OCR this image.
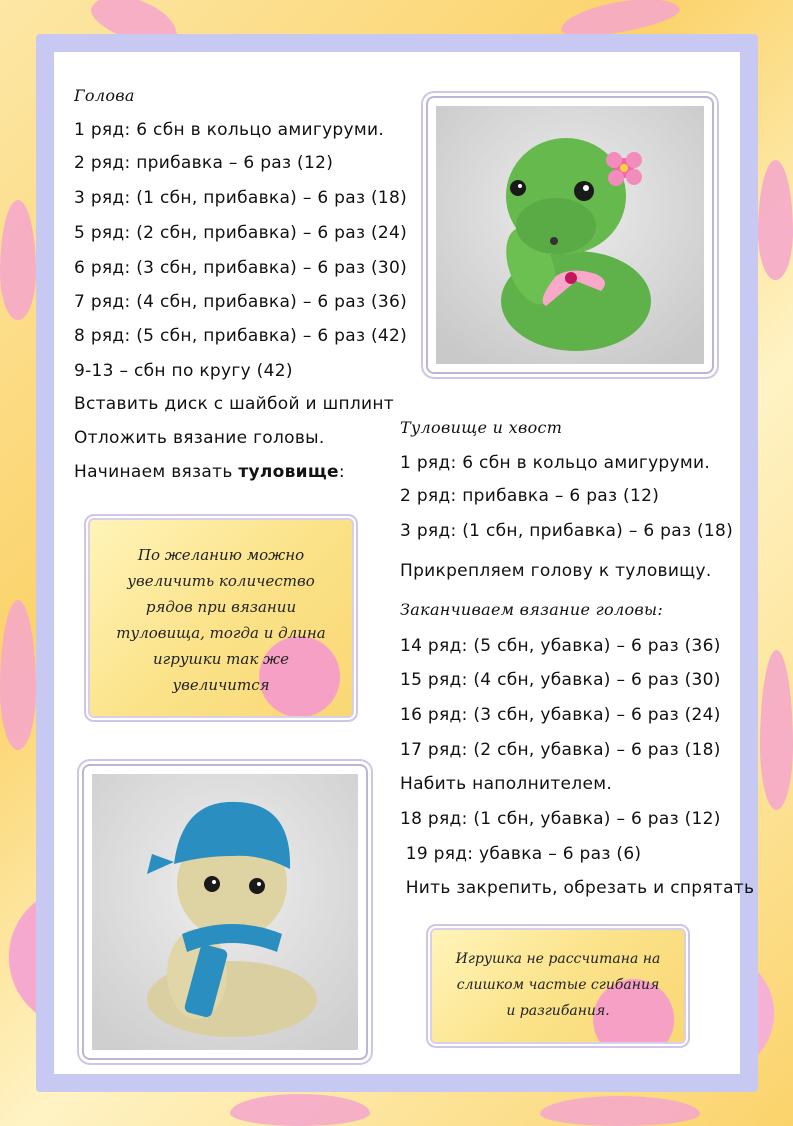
Голова
1 ряд: 6 сбн в кольцо амигуруми.
2 ряд: прибавка – 6 раз (12)
3 ряд: (1 сбн, прибавка) – 6 раз (18)
5 ряд: (2 сбн, прибавка) – 6 раз (24)
6 ряд: (3 сбн, прибавка) – 6 раз (30)
7 ряд: (4 сбн, прибавка) – 6 раз (36)
8 ряд: (5 сбн, прибавка) – 6 раз (42)
9-13 – сбн по кругу (42)
Вставить диск с шайбой и шплинт
Отложить вязание головы.
Начинаем вязать туловище:
По желанию можно
увеличить количество
рядов при вязании
туловища, тогда и длина
игрушки так же
увеличится
Туловище и хвост
1 ряд: 6 сбн в кольцо амигуруми.
2 ряд: прибавка – 6 раз (12)
3 ряд: (1 сбн, прибавка) – 6 раз (18)
Прикрепляем голову к туловищу.
Заканчиваем вязание головы:
14 ряд: (5 сбн, убавка) – 6 раз (36)
15 ряд: (4 сбн, убавка) – 6 раз (30)
16 ряд: (3 сбн, убавка) – 6 раз (24)
17 ряд: (2 сбн, убавка) – 6 раз (18)
Набить наполнителем.
18 ряд: (1 сбн, убавка) – 6 раз (12)
19 ряд: убавка – 6 раз (6)
Нить закрепить, обрезать и спрятать
Игрушка не рассчитана на
слишком частые сгибания
и разгибания.
